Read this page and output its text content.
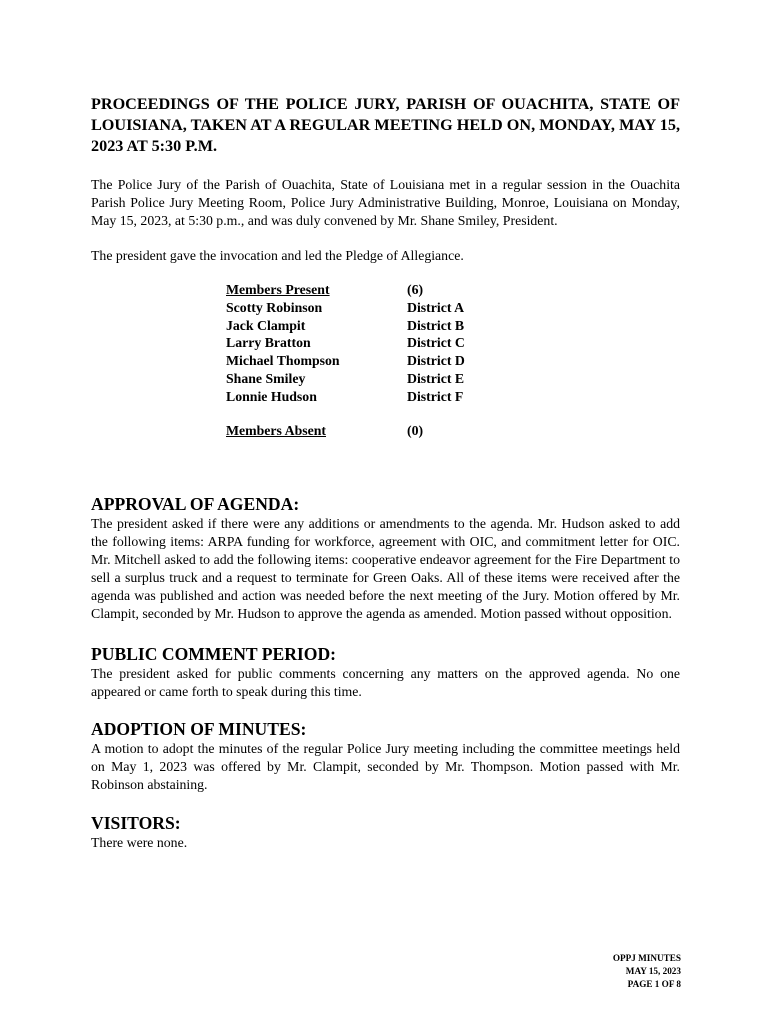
PROCEEDINGS OF THE POLICE JURY, PARISH OF OUACHITA, STATE OF LOUISIANA, TAKEN AT A REGULAR MEETING HELD ON, MONDAY, MAY 15, 2023 AT 5:30 P.M.

The Police Jury of the Parish of Ouachita, State of Louisiana met in a regular session in the Ouachita Parish Police Jury Meeting Room, Police Jury Administrative Building, Monroe, Louisiana on Monday, May 15, 2023, at 5:30 p.m., and was duly convened by Mr. Shane Smiley, President.

The president gave the invocation and led the Pledge of Allegiance.

Members Present	(6)
Scotty Robinson	District A
Jack Clampit	District B
Larry Bratton	District C
Michael Thompson	District D
Shane Smiley	District E
Lonnie Hudson	District F
Members Absent	(0)
APPROVAL OF AGENDA:

The president asked if there were any additions or amendments to the agenda. Mr. Hudson asked to add the following items: ARPA funding for workforce, agreement with OIC, and commitment letter for OIC. Mr. Mitchell asked to add the following items: cooperative endeavor agreement for the Fire Department to sell a surplus truck and a request to terminate for Green Oaks. All of these items were received after the agenda was published and action was needed before the next meeting of the Jury. Motion offered by Mr. Clampit, seconded by Mr. Hudson to approve the agenda as amended. Motion passed without opposition.

PUBLIC COMMENT PERIOD:

The president asked for public comments concerning any matters on the approved agenda. No one appeared or came forth to speak during this time.

ADOPTION OF MINUTES:

A motion to adopt the minutes of the regular Police Jury meeting including the committee meetings held on May 1, 2023 was offered by Mr. Clampit, seconded by Mr. Thompson. Motion passed with Mr. Robinson abstaining.

VISITORS:

There were none.

OPPJ MINUTES
MAY 15, 2023
PAGE 1 OF 8
